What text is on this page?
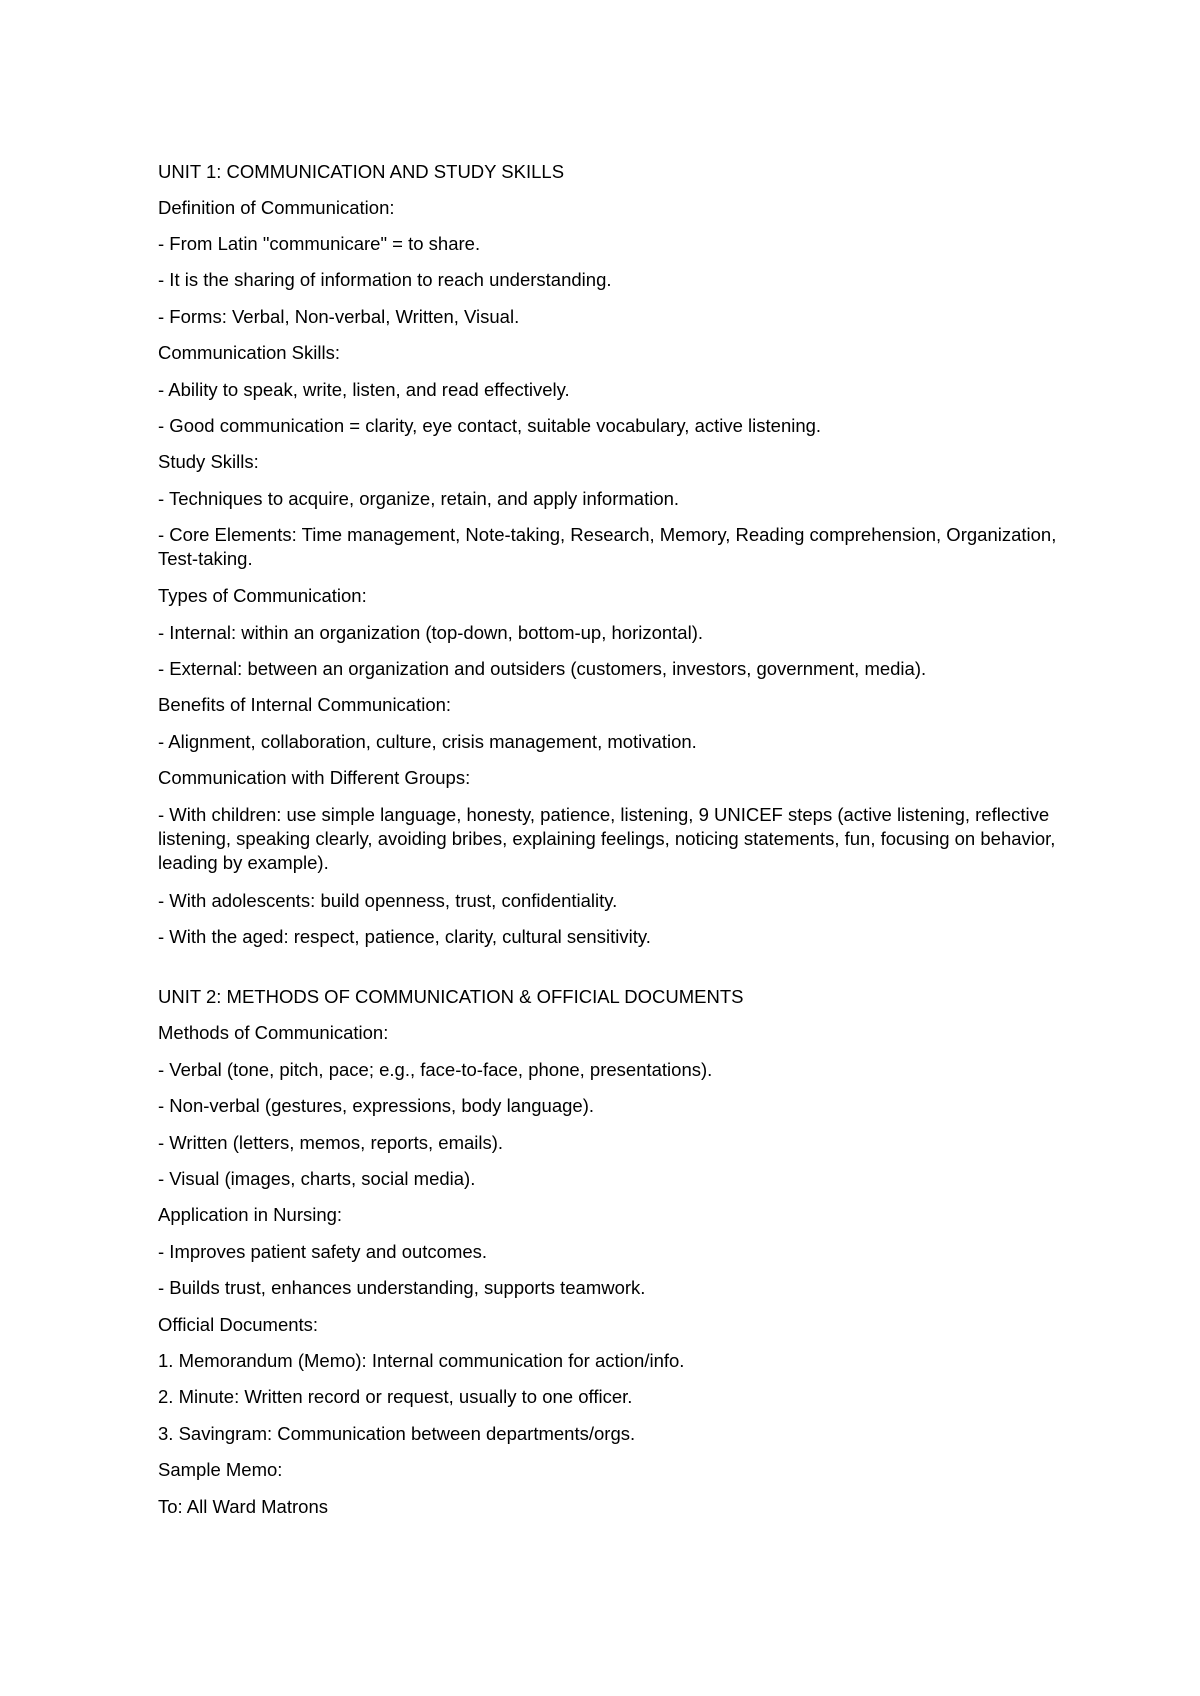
UNIT 1: COMMUNICATION AND STUDY SKILLS
Definition of Communication:
- From Latin "communicare" = to share.
- It is the sharing of information to reach understanding.
- Forms: Verbal, Non-verbal, Written, Visual.
Communication Skills:
- Ability to speak, write, listen, and read effectively.
- Good communication = clarity, eye contact, suitable vocabulary, active listening.
Study Skills:
- Techniques to acquire, organize, retain, and apply information.
- Core Elements: Time management, Note-taking, Research, Memory, Reading comprehension, Organization, Test-taking.
Types of Communication:
- Internal: within an organization (top-down, bottom-up, horizontal).
- External: between an organization and outsiders (customers, investors, government, media).
Benefits of Internal Communication:
- Alignment, collaboration, culture, crisis management, motivation.
Communication with Different Groups:
- With children: use simple language, honesty, patience, listening, 9 UNICEF steps (active listening, reflective listening, speaking clearly, avoiding bribes, explaining feelings, noticing statements, fun, focusing on behavior, leading by example).
- With adolescents: build openness, trust, confidentiality.
- With the aged: respect, patience, clarity, cultural sensitivity.
UNIT 2: METHODS OF COMMUNICATION & OFFICIAL DOCUMENTS
Methods of Communication:
- Verbal (tone, pitch, pace; e.g., face-to-face, phone, presentations).
- Non-verbal (gestures, expressions, body language).
- Written (letters, memos, reports, emails).
- Visual (images, charts, social media).
Application in Nursing:
- Improves patient safety and outcomes.
- Builds trust, enhances understanding, supports teamwork.
Official Documents:
1. Memorandum (Memo): Internal communication for action/info.
2. Minute: Written record or request, usually to one officer.
3. Savingram: Communication between departments/orgs.
Sample Memo:
To: All Ward Matrons
